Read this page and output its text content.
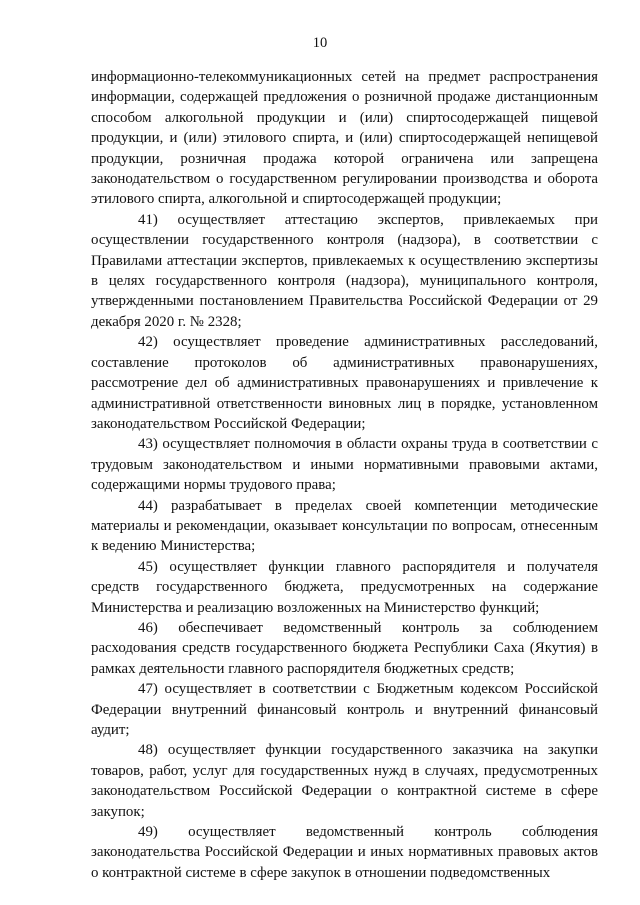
10

информационно-телекоммуникационных сетей на предмет распространения информации, содержащей предложения о розничной продаже дистанционным способом алкогольной продукции и (или) спиртосодержащей пищевой продукции, и (или) этилового спирта, и (или) спиртосодержащей непищевой продукции, розничная продажа которой ограничена или запрещена законодательством о государственном регулировании производства и оборота этилового спирта, алкогольной и спиртосодержащей продукции;

41) осуществляет аттестацию экспертов, привлекаемых при осуществлении государственного контроля (надзора), в соответствии с Правилами аттестации экспертов, привлекаемых к осуществлению экспертизы в целях государственного контроля (надзора), муниципального контроля, утвержденными постановлением Правительства Российской Федерации от 29 декабря 2020 г. № 2328;

42) осуществляет проведение административных расследований, составление протоколов об административных правонарушениях, рассмотрение дел об административных правонарушениях и привлечение к административной ответственности виновных лиц в порядке, установленном законодательством Российской Федерации;

43) осуществляет полномочия в области охраны труда в соответствии с трудовым законодательством и иными нормативными правовыми актами, содержащими нормы трудового права;

44) разрабатывает в пределах своей компетенции методические материалы и рекомендации, оказывает консультации по вопросам, отнесенным к ведению Министерства;

45) осуществляет функции главного распорядителя и получателя средств государственного бюджета, предусмотренных на содержание Министерства и реализацию возложенных на Министерство функций;

46) обеспечивает ведомственный контроль за соблюдением расходования средств государственного бюджета Республики Саха (Якутия) в рамках деятельности главного распорядителя бюджетных средств;

47) осуществляет в соответствии с Бюджетным кодексом Российской Федерации внутренний финансовый контроль и внутренний финансовый аудит;

48) осуществляет функции государственного заказчика на закупки товаров, работ, услуг для государственных нужд в случаях, предусмотренных законодательством Российской Федерации о контрактной системе в сфере закупок;

49) осуществляет ведомственный контроль соблюдения законодательства Российской Федерации и иных нормативных правовых актов о контрактной системе в сфере закупок в отношении подведомственных
